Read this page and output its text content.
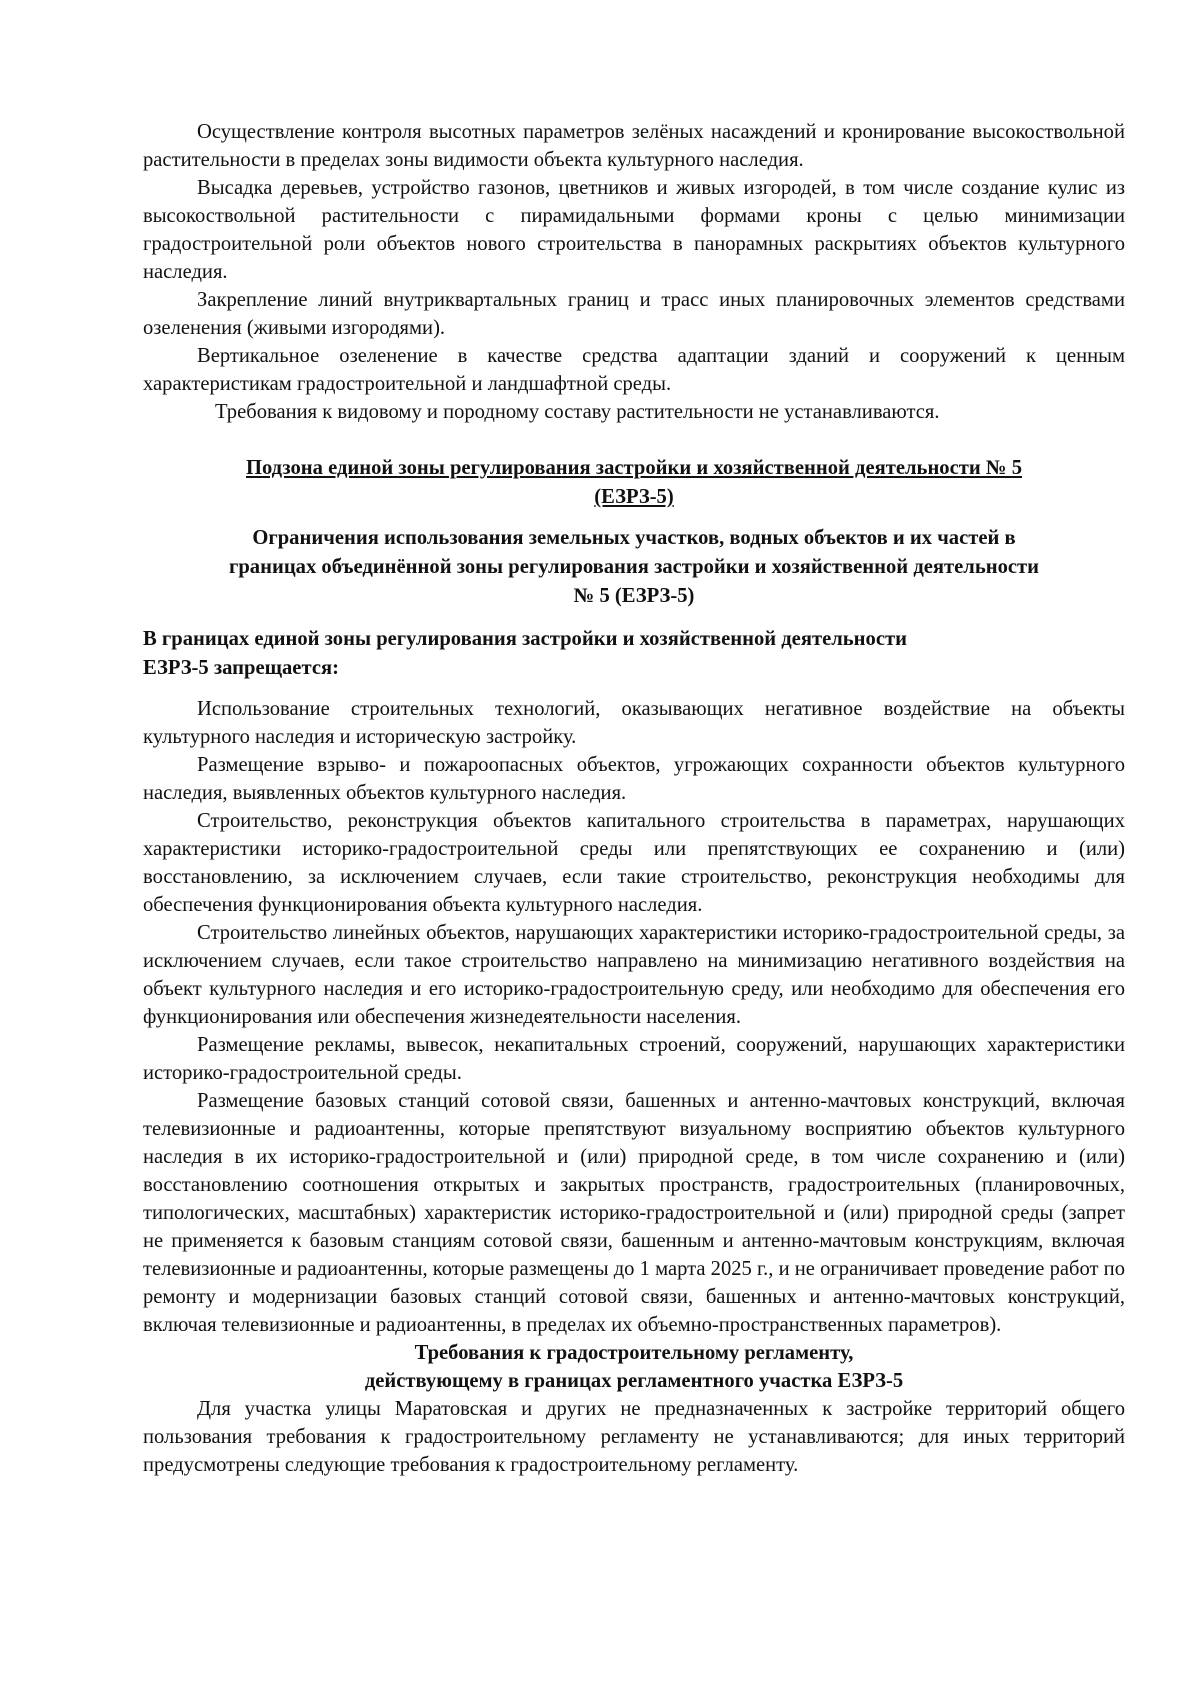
Осуществление контроля высотных параметров зелёных насаждений и кронирование высокоствольной растительности в пределах зоны видимости объекта культурного наследия.

Высадка деревьев, устройство газонов, цветников и живых изгородей, в том числе создание кулис из высокоствольной растительности с пирамидальными формами кроны с целью минимизации градостроительной роли объектов нового строительства в панорамных раскрытиях объектов культурного наследия.

Закрепление линий внутриквартальных границ и трасс иных планировочных элементов средствами озеленения (живыми изгородями).

Вертикальное озеленение в качестве средства адаптации зданий и сооружений к ценным характеристикам градостроительной и ландшафтной среды.

Требования к видовому и породному составу растительности не устанавливаются.

Подзона единой зоны регулирования застройки и хозяйственной деятельности № 5
(ЕЗРЗ-5)
Ограничения использования земельных участков, водных объектов и их частей в
границах объединённой зоны регулирования застройки и хозяйственной деятельности
№ 5 (ЕЗРЗ-5)
В границах единой зоны регулирования застройки и хозяйственной деятельности
ЕЗРЗ-5 запрещается:

Использование строительных технологий, оказывающих негативное воздействие на объекты культурного наследия и историческую застройку.

Размещение взрыво- и пожароопасных объектов, угрожающих сохранности объектов культурного наследия, выявленных объектов культурного наследия.

Строительство, реконструкция объектов капитального строительства в параметрах, нарушающих характеристики историко-градостроительной среды или препятствующих ее сохранению и (или) восстановлению, за исключением случаев, если такие строительство, реконструкция необходимы для обеспечения функционирования объекта культурного наследия.

Строительство линейных объектов, нарушающих характеристики историко-градостроительной среды, за исключением случаев, если такое строительство направлено на минимизацию негативного воздействия на объект культурного наследия и его историко-градостроительную среду, или необходимо для обеспечения его функционирования или обеспечения жизнедеятельности населения.

Размещение рекламы, вывесок, некапитальных строений, сооружений, нарушающих характеристики историко-градостроительной среды.

Размещение базовых станций сотовой связи, башенных и антенно-мачтовых конструкций, включая телевизионные и радиоантенны, которые препятствуют визуальному восприятию объектов культурного наследия в их историко-градостроительной и (или) природной среде, в том числе сохранению и (или) восстановлению соотношения открытых и закрытых пространств, градостроительных (планировочных, типологических, масштабных) характеристик историко-градостроительной и (или) природной среды (запрет не применяется к базовым станциям сотовой связи, башенным и антенно-мачтовым конструкциям, включая телевизионные и радиоантенны, которые размещены до 1 марта 2025 г., и не ограничивает проведение работ по ремонту и модернизации базовых станций сотовой связи, башенных и антенно-мачтовых конструкций, включая телевизионные и радиоантенны, в пределах их объемно-пространственных параметров).

Требования к градостроительному регламенту,
действующему в границах регламентного участка ЕЗРЗ-5

Для участка улицы Маратовская и других не предназначенных к застройке территорий общего пользования требования к градостроительному регламенту не устанавливаются; для иных территорий предусмотрены следующие требования к градостроительному регламенту.
